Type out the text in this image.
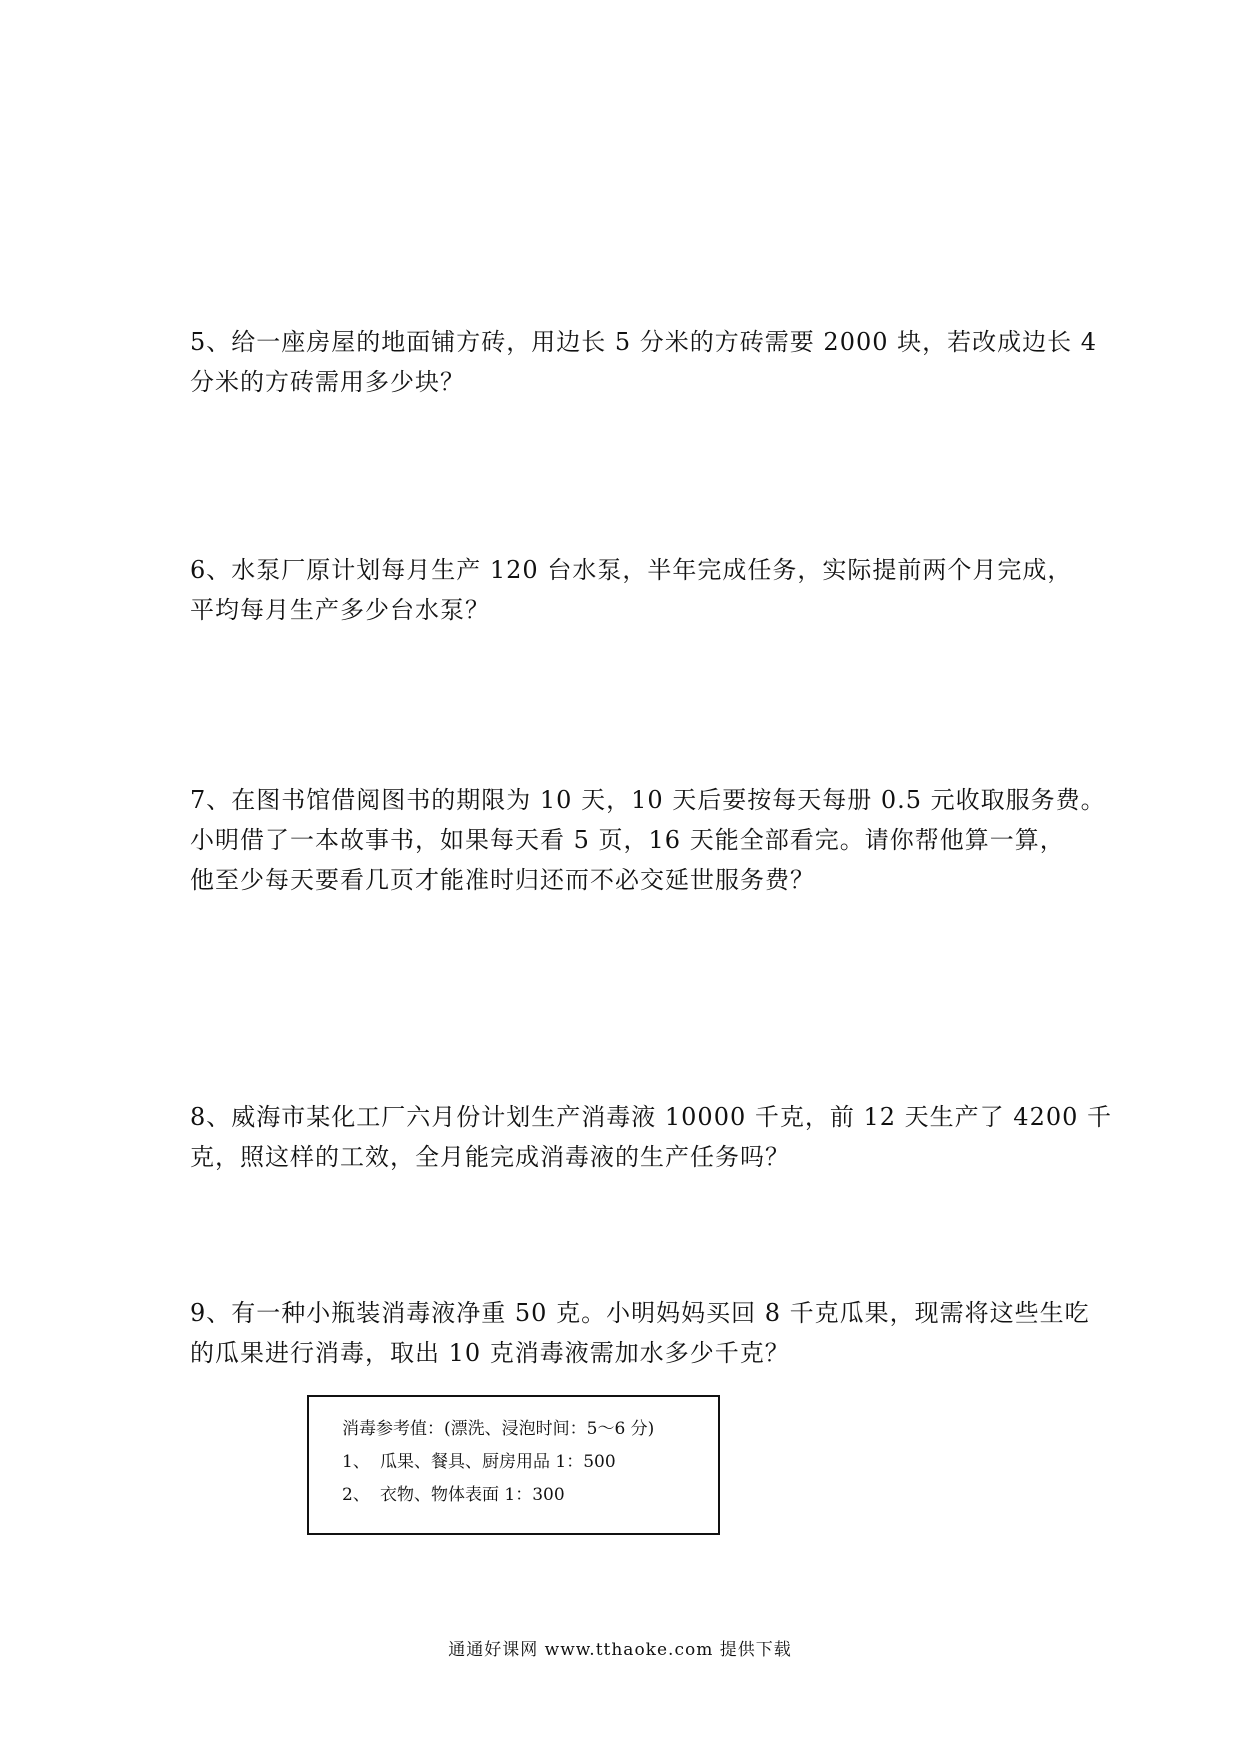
5、给一座房屋的地面铺方砖，用边长 5 分米的方砖需要 2000 块，若改成边长 4
分米的方砖需用多少块？
6、水泵厂原计划每月生产 120 台水泵，半年完成任务，实际提前两个月完成，
平均每月生产多少台水泵？
7、在图书馆借阅图书的期限为 10 天，10 天后要按每天每册 0.5 元收取服务费。
小明借了一本故事书，如果每天看 5 页，16 天能全部看完。请你帮他算一算，
他至少每天要看几页才能准时归还而不必交延世服务费？
8、威海市某化工厂六月份计划生产消毒液 10000 千克，前 12 天生产了 4200 千
克，照这样的工效，全月能完成消毒液的生产任务吗？
9、有一种小瓶装消毒液净重 50 克。小明妈妈买回 8 千克瓜果，现需将这些生吃
的瓜果进行消毒，取出 10 克消毒液需加水多少千克？
消毒参考值：(漂洗、浸泡时间：5～6 分)
1、 瓜果、餐具、厨房用品 1：500
2、 衣物、物体表面 1：300
通通好课网 www.tthaoke.com 提供下载
